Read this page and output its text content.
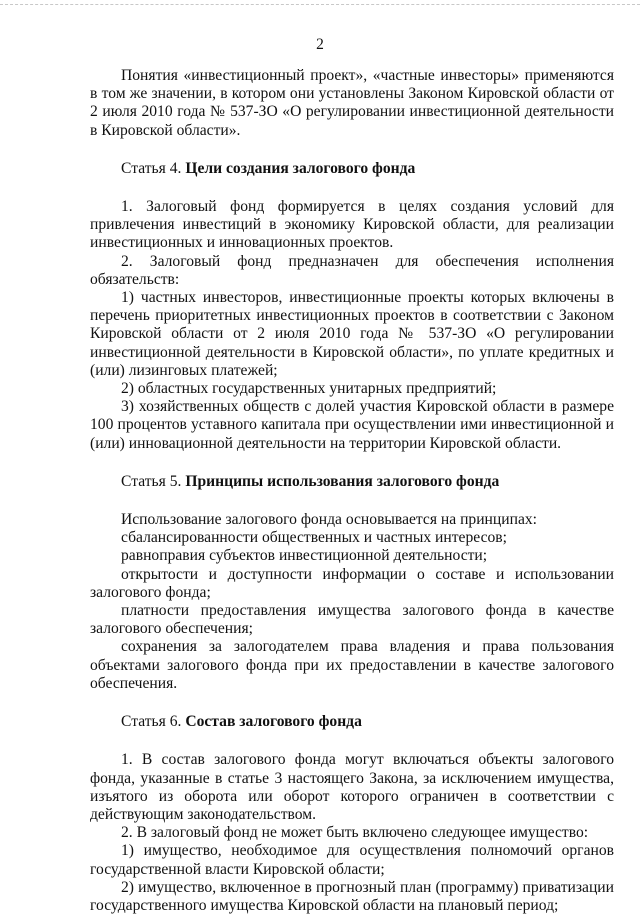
2

Понятия «инвестиционный проект», «частные инвесторы» применяются в том же значении, в котором они установлены Законом Кировской области от 2 июля 2010 года № 537-ЗО «О регулировании инвестиционной деятельности в Кировской области».

Статья 4. Цели создания залогового фонда

1. Залоговый фонд формируется в целях создания условий для привлечения инвестиций в экономику Кировской области, для реализации инвестиционных и инновационных проектов.

2. Залоговый фонд предназначен для обеспечения исполнения обязательств:

1) частных инвесторов, инвестиционные проекты которых включены в перечень приоритетных инвестиционных проектов в соответствии с Законом Кировской области от 2 июля 2010 года № 537-ЗО «О регулировании инвестиционной деятельности в Кировской области», по уплате кредитных и (или) лизинговых платежей;

2) областных государственных унитарных предприятий;

3) хозяйственных обществ с долей участия Кировской области в размере 100 процентов уставного капитала при осуществлении ими инвестиционной и (или) инновационной деятельности на территории Кировской области.

Статья 5. Принципы использования залогового фонда

Использование залогового фонда основывается на принципах:

сбалансированности общественных и частных интересов;

равноправия субъектов инвестиционной деятельности;

открытости и доступности информации о составе и использовании залогового фонда;

платности предоставления имущества залогового фонда в качестве залогового обеспечения;

сохранения за залогодателем права владения и права пользования объектами залогового фонда при их предоставлении в качестве залогового обеспечения.

Статья 6. Состав залогового фонда

1. В состав залогового фонда могут включаться объекты залогового фонда, указанные в статье 3 настоящего Закона, за исключением имущества, изъятого из оборота или оборот которого ограничен в соответствии с действующим законодательством.

2. В залоговый фонд не может быть включено следующее имущество:

1) имущество, необходимое для осуществления полномочий органов государственной власти Кировской области;

2) имущество, включенное в прогнозный план (программу) приватизации государственного имущества Кировской области на плановый период;
